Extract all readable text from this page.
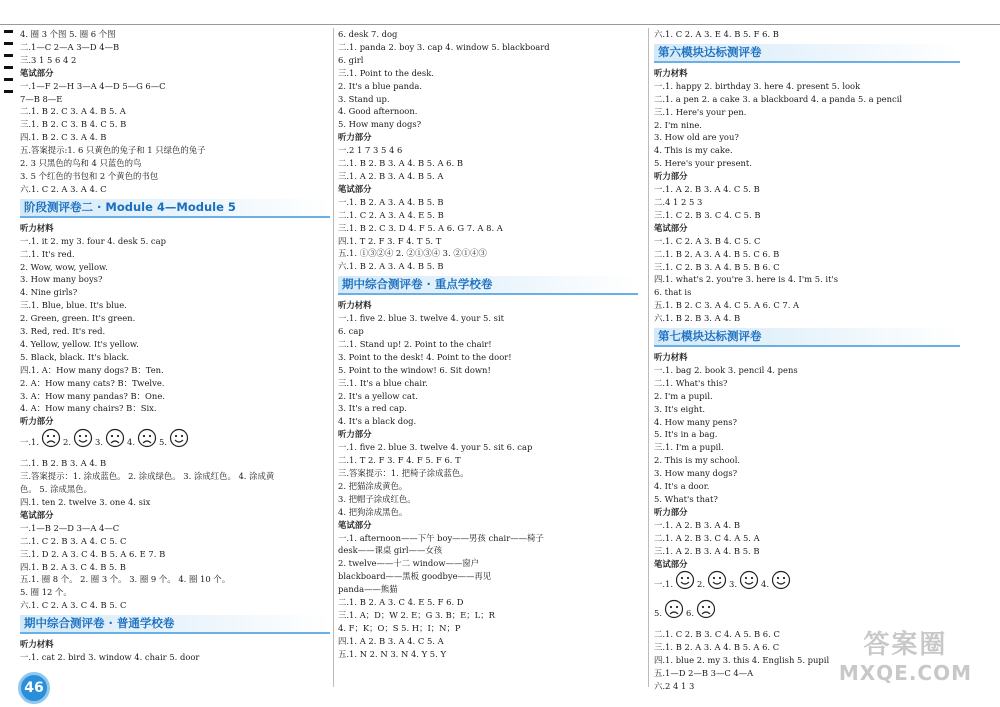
4. 圈 3 个图 5. 圈 6 个图
二.1—C 2—A 3—D 4—B
三.3 1 5 6 4 2
笔试部分
一.1—F 2—H 3—A 4—D 5—G 6—C
7—B 8—E
二.1. B 2. C 3. A 4. B 5. A
三.1. B 2. C 3. B 4. C 5. B
四.1. B 2. C 3. A 4. B
五.答案提示:1. 6 只黄色的兔子和 1 只绿色的兔子
2. 3 只黑色的鸟和 4 只蓝色的鸟
3. 5 个红色的书包和 2 个黄色的书包
六.1. C 2. A 3. A 4. C
阶段测评卷二 · Module 4—Module 5
听力材料
一.1. it 2. my 3. four 4. desk 5. cap
二.1. It's red.
2. Wow, wow, yellow.
3. How many boys?
4. Nine girls?
三.1. Blue, blue. It's blue.
2. Green, green. It's green.
3. Red, red. It's red.
4. Yellow, yellow. It's yellow.
5. Black, black. It's black.
四.1. A：How many dogs? B：Ten.
2. A：How many cats? B：Twelve.
3. A：How many pandas? B：One.
4. A：How many chairs? B：Six.
听力部分
一.1.	2.	3.	4.	5.
二.1. B 2. B 3. A 4. B
三.答案提示：1. 涂成蓝色。 2. 涂成绿色。 3. 涂成红色。 4. 涂成黄
色。 5. 涂成黑色。
四.1. ten 2. twelve 3. one 4. six
笔试部分
一.1—B 2—D 3—A 4—C
二.1. C 2. B 3. A 4. C 5. C
三.1. D 2. A 3. C 4. B 5. A 6. E 7. B
四.1. B 2. A 3. C 4. B 5. B
五.1. 圈 8 个。 2. 圈 3 个。 3. 圈 9 个。 4. 圈 10 个。
5. 圈 12 个。
六.1. C 2. A 3. C 4. B 5. C
期中综合测评卷 · 普通学校卷
听力材料
一.1. cat 2. bird 3. window 4. chair 5. door
6. desk 7. dog
二.1. panda 2. boy 3. cap 4. window 5. blackboard
6. girl
三.1. Point to the desk.
2. It's a blue panda.
3. Stand up.
4. Good afternoon.
5. How many dogs?
听力部分
一.2 1 7 3 5 4 6
二.1. B 2. B 3. A 4. B 5. A 6. B
三.1. A 2. B 3. A 4. B 5. A
笔试部分
一.1. B 2. A 3. A 4. B 5. B
二.1. C 2. A 3. A 4. E 5. B
三.1. B 2. C 3. D 4. F 5. A 6. G 7. A 8. A
四.1. T 2. F 3. F 4. T 5. T
五.1. ①③②④ 2. ②①③④ 3. ②①④③
六.1. B 2. A 3. A 4. B 5. B
期中综合测评卷 · 重点学校卷
听力材料
一.1. five 2. blue 3. twelve 4. your 5. sit
6. cap
二.1. Stand up! 2. Point to the chair!
3. Point to the desk! 4. Point to the door!
5. Point to the window! 6. Sit down!
三.1. It's a blue chair.
2. It's a yellow cat.
3. It's a red cap.
4. It's a black dog.
听力部分
一.1. five 2. blue 3. twelve 4. your 5. sit 6. cap
二.1. T 2. F 3. F 4. F 5. F 6. T
三.答案提示：1. 把椅子涂成蓝色。
2. 把猫涂成黄色。
3. 把帽子涂成红色。
4. 把狗涂成黑色。
笔试部分
一.1. afternoon——下午 boy——男孩 chair——椅子
desk——课桌 girl——女孩
2. twelve——十二 window——窗户
blackboard——黑板 goodbye——再见
panda——熊猫
二.1. B 2. A 3. C 4. E 5. F 6. D
三.1. A；D；W 2. E；G 3. B；E；L；R
4. F；K；O；S 5. H；I；N；P
四.1. A 2. B 3. A 4. C 5. A
五.1. N 2. N 3. N 4. Y 5. Y
六.1. C 2. A 3. E 4. B 5. F 6. B
第六模块达标测评卷
听力材料
一.1. happy 2. birthday 3. here 4. present 5. look
二.1. a pen 2. a cake 3. a blackboard 4. a panda 5. a pencil
三.1. Here's your pen.
2. I'm nine.
3. How old are you?
4. This is my cake.
5. Here's your present.
听力部分
一.1. A 2. B 3. A 4. C 5. B
二.4 1 2 5 3
三.1. C 2. B 3. C 4. C 5. B
笔试部分
一.1. C 2. A 3. B 4. C 5. C
二.1. B 2. A 3. A 4. B 5. C 6. B
三.1. C 2. B 3. A 4. B 5. B 6. C
四.1. what's 2. you're 3. here is 4. I'm 5. it's
6. that is
五.1. B 2. C 3. A 4. C 5. A 6. C 7. A
六.1. B 2. B 3. A 4. B
第七模块达标测评卷
听力材料
一.1. bag 2. book 3. pencil 4. pens
二.1. What's this?
2. I'm a pupil.
3. It's eight.
4. How many pens?
5. It's in a bag.
三.1. I'm a pupil.
2. This is my school.
3. How many dogs?
4. It's a door.
5. What's that?
听力部分
一.1. A 2. B 3. A 4. B
二.1. A 2. B 3. C 4. A 5. A
三.1. A 2. B 3. A 4. B 5. B
笔试部分
一.1.	2.	3.	4.
5.	6.
二.1. C 2. B 3. C 4. A 5. B 6. C
三.1. B 2. A 3. A 4. B 5. A 6. C
四.1. blue 2. my 3. this 4. English 5. pupil
五.1—D 2—B 3—C 4—A
六.2 4 1 3
46
答案圈
MXQE.COM
